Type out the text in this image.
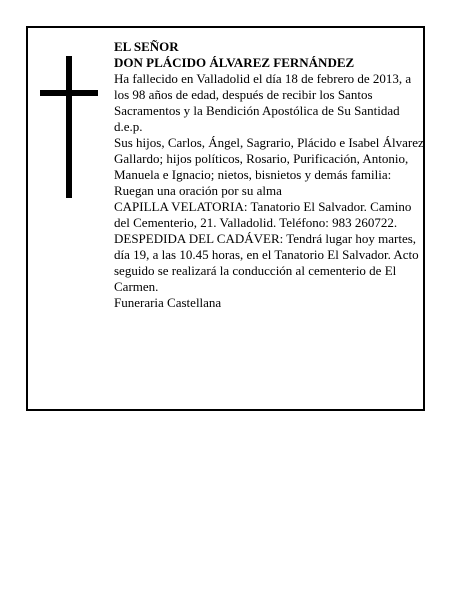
EL SEÑOR

DON PLÁCIDO ÁLVAREZ FERNÁNDEZ

Ha fallecido en Valladolid el día 18 de febrero de 2013, a los 98 años de edad, después de recibir los Santos Sacramentos y la Bendición Apostólica de Su Santidad d.e.p.

Sus hijos, Carlos, Ángel, Sagrario, Plácido e Isabel Álvarez Gallardo; hijos políticos, Rosario, Purificación, Antonio, Manuela e Ignacio; nietos, bisnietos y demás familia:

Ruegan una oración por su alma

CAPILLA VELATORIA: Tanatorio El Salvador. Camino del Cementerio, 21. Valladolid. Teléfono: 983 260722.

DESPEDIDA DEL CADÁVER: Tendrá lugar hoy martes, día 19, a las 10.45 horas, en el Tanatorio El Salvador. Acto seguido se realizará la conducción al cementerio de El Carmen.

Funeraria Castellana
